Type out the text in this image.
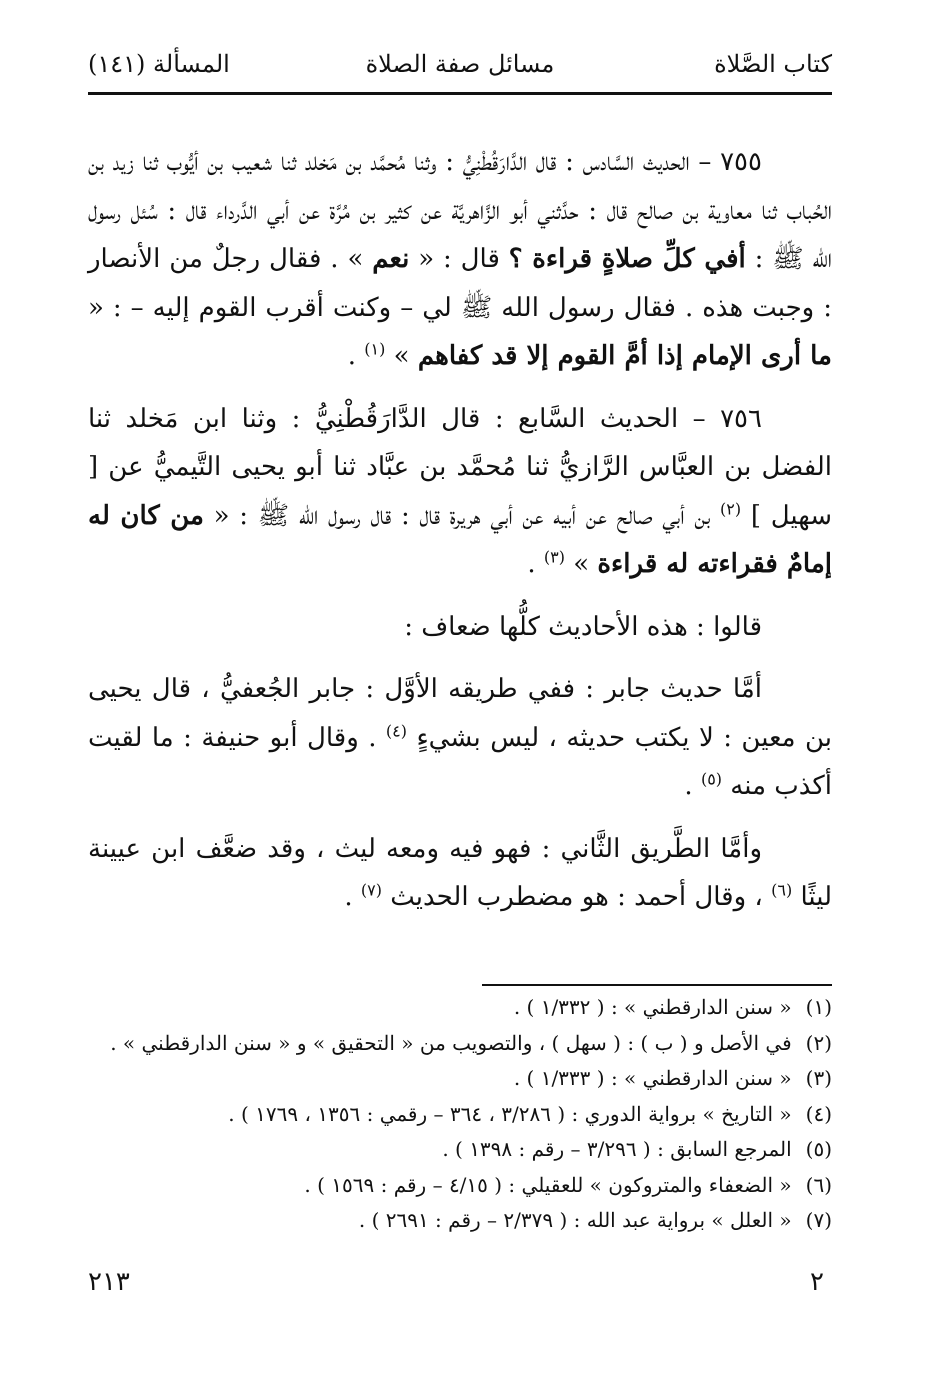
كتاب الصَّلاة
مسائل صفة الصلاة
المسألة (١٤١)

٧٥٥ – الحديث السَّادس : قال الدَّارَقُطْنِيُّ : وثنا مُحمَّد بن مَخلد ثنا شعيب بن أيُّوب ثنا زيد بن الحُباب ثنا معاوية بن صالح قال : حدَّثني أبو الزَّاهريَّة عن كثير بن مُرَّة عن أبي الدَّرداء قال : سُئل رسول الله ﷺ : أفي كلِّ صلاةٍ قراءة ؟ قال : « نعم » . فقال رجلٌ من الأنصار : وجبت هذه . فقال رسول الله ﷺ لي – وكنت أقرب القوم إليه – : « ما أرى الإمام إذا أمَّ القوم إلا قد كفاهم » $^{(١)}$ .

٧٥٦ – الحديث السَّابع : قال الدَّارَقُطْنِيُّ : وثنا ابن مَخلد ثنا الفضل بن العبَّاس الرَّازيُّ ثنا مُحمَّد بن عبَّاد ثنا أبو يحيى التَّيميُّ عن [ سهيل ] $^{(٢)}$ بن أبي صالح عن أبيه عن أبي هريرة قال : قال رسول الله ﷺ : « من كان له إمامٌ فقراءته له قراءة » $^{(٣)}$ .

قالوا : هذه الأحاديث كلُّها ضعاف :

أمَّا حديث جابر : ففي طريقه الأوَّل : جابر الجُعفيُّ ، قال يحيى بن معين : لا يكتب حديثه ، ليس بشيءٍ $^{(٤)}$ . وقال أبو حنيفة : ما لقيت أكذب منه $^{(٥)}$ .

وأمَّا الطَّريق الثَّاني : فهو فيه ومعه ليث ، وقد ضعَّف ابن عيينة ليثًا $^{(٦)}$ ، وقال أحمد : هو مضطرب الحديث $^{(٧)}$ .

(١) « سنن الدارقطني » : ( ١/٣٣٢ ) .
(٢) في الأصل و ( ب ) : ( سهل ) ، والتصويب من « التحقيق » و « سنن الدارقطني » .
(٣) « سنن الدارقطني » : ( ١/٣٣٣ ) .
(٤) « التاريخ » برواية الدوري : ( ٣/٢٨٦ ، ٣٦٤ – رقمي : ١٣٥٦ ، ١٧٦٩ ) .
(٥) المرجع السابق : ( ٣/٢٩٦ – رقم : ١٣٩٨ ) .
(٦) « الضعفاء والمتروكون » للعقيلي : ( ٤/١٥ – رقم : ١٥٦٩ ) .
(٧) « العلل » برواية عبد الله : ( ٢/٣٧٩ – رقم : ٢٦٩١ ) .
٢
٢١٣
